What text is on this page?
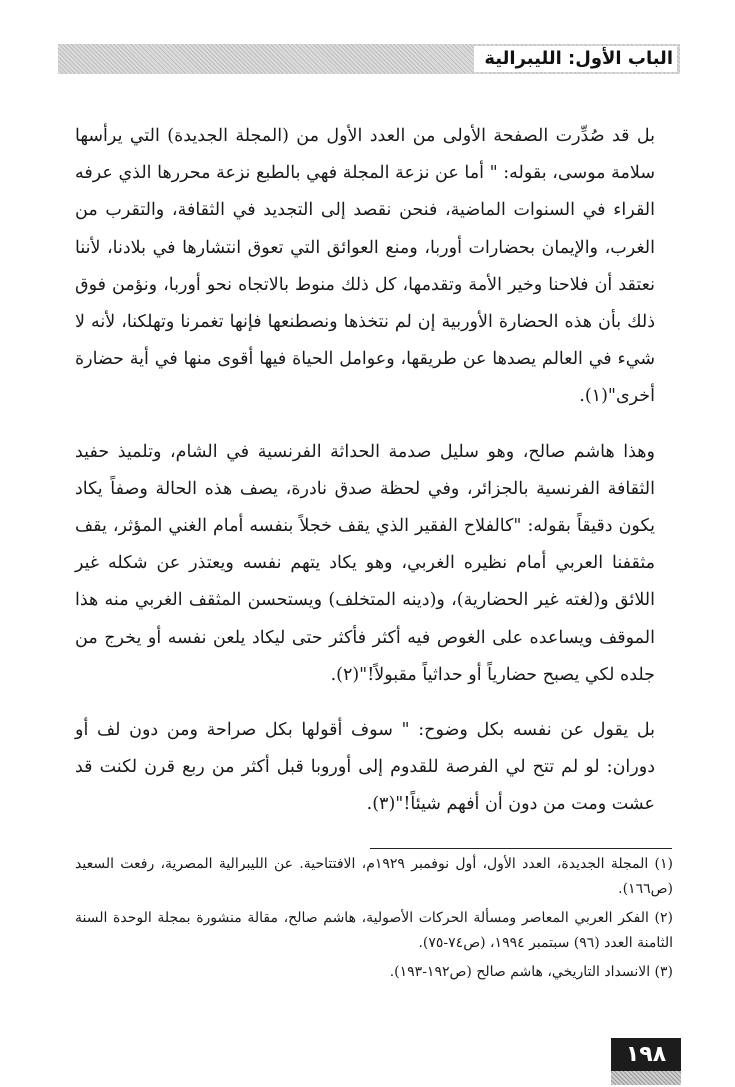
الباب الأول: الليبرالية

بل قد صُدِّرت الصفحة الأولى من العدد الأول من (المجلة الجديدة) التي يرأسها سلامة موسى، بقوله: " أما عن نزعة المجلة فهي بالطبع نزعة محررها الذي عرفه القراء في السنوات الماضية، فنحن نقصد إلى التجديد في الثقافة، والتقرب من الغرب، والإيمان بحضارات أوربا، ومنع العوائق التي تعوق انتشارها في بلادنا، لأننا نعتقد أن فلاحنا وخير الأمة وتقدمها، كل ذلك منوط بالاتجاه نحو أوربا، ونؤمن فوق ذلك بأن هذه الحضارة الأوربية إن لم نتخذها ونصطنعها فإنها تغمرنا وتهلكنا، لأنه لا شيء في العالم يصدها عن طريقها، وعوامل الحياة فيها أقوى منها في أية حضارة أخرى"(١).

وهذا هاشم صالح، وهو سليل صدمة الحداثة الفرنسية في الشام، وتلميذ حفيد الثقافة الفرنسية بالجزائر، وفي لحظة صدق نادرة، يصف هذه الحالة وصفاً يكاد يكون دقيقاً بقوله: "كالفلاح الفقير الذي يقف خجلاً بنفسه أمام الغني المؤثر، يقف مثقفنا العربي أمام نظيره الغربي، وهو يكاد يتهم نفسه ويعتذر عن شكله غير اللائق و(لغته غير الحضارية)، و(دينه المتخلف) ويستحسن المثقف الغربي منه هذا الموقف ويساعده على الغوص فيه أكثر فأكثر حتى ليكاد يلعن نفسه أو يخرج من جلده لكي يصبح حضارياً أو حداثياً مقبولاً!"(٢).

بل يقول عن نفسه بكل وضوح: " سوف أقولها بكل صراحة ومن دون لف أو دوران: لو لم تتح لي الفرصة للقدوم إلى أوروبا قبل أكثر من ربع قرن لكنت قد عشت ومت من دون أن أفهم شيئاً!"(٣).

(١) المجلة الجديدة، العدد الأول، أول نوفمبر ١٩٢٩م، الافتتاحية. عن الليبرالية المصرية، رفعت السعيد (ص١٦٦).
(٢) الفكر العربي المعاصر ومسألة الحركات الأصولية، هاشم صالح، مقالة منشورة بمجلة الوحدة السنة الثامنة العدد (٩٦) سبتمبر ١٩٩٤، (ص٧٤-٧٥).
(٣) الانسداد التاريخي، هاشم صالح (ص١٩٢-١٩٣).
١٩٨
